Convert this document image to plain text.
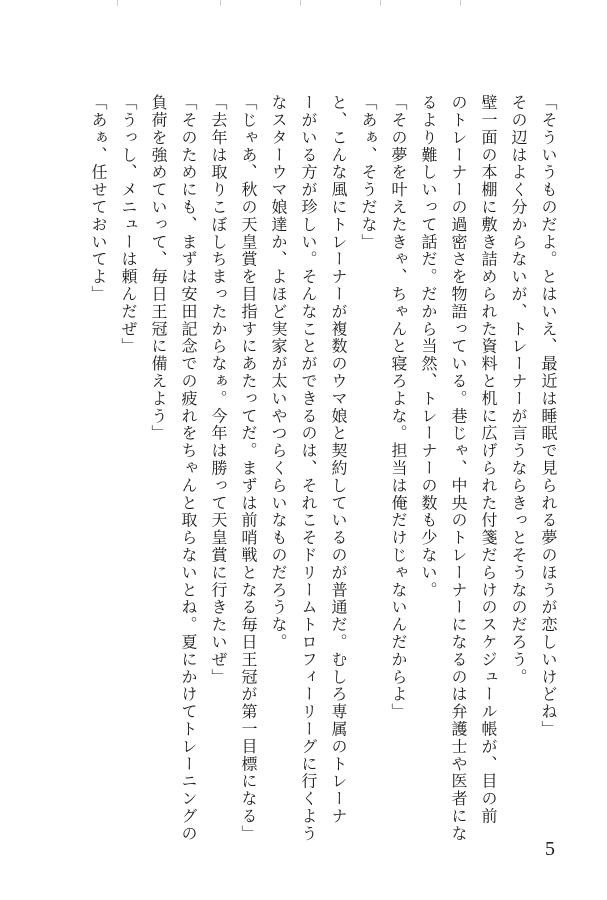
「そういうものだよ。とはいえ、最近は睡眠で見られる夢のほうが恋しいけどね」
その辺はよく分からないが、トレーナーが言うならきっとそうなのだろう。
壁一面の本棚に敷き詰められた資料と机に広げられた付箋だらけのスケジュール帳が、目の前
のトレーナーの過密さを物語っている。巷じゃ、中央のトレーナーになるのは弁護士や医者にな
るより難しいって話だ。だから当然、トレーナーの数も少ない。
「その夢を叶えたきゃ、ちゃんと寝ろよな。担当は俺だけじゃないんだからよ」
「あぁ、そうだな」
と、こんな風にトレーナーが複数のウマ娘と契約しているのが普通だ。むしろ専属のトレーナ
ーがいる方が珍しい。そんなことができるのは、それこそドリームトロフィーリーグに行くよう
なスターウマ娘達か、よほど実家が太いやつらくらいなものだろうな。
「じゃあ、秋の天皇賞を目指すにあたってだ。まずは前哨戦となる毎日王冠が第一目標になる」
「去年は取りこぼしちまったからなぁ。今年は勝って天皇賞に行きたいぜ」
「そのためにも、まずは安田記念での疲れをちゃんと取らないとね。夏にかけてトレーニングの
負荷を強めていって、毎日王冠に備えよう」
「うっし、メニューは頼んだぜ」
「あぁ、任せておいてよ」
5
